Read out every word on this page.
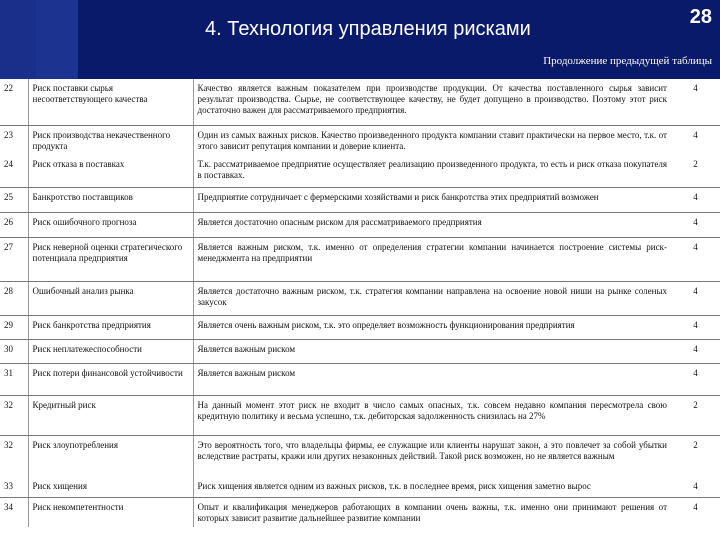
4. Технология управления рисками
28
Продолжение предыдущей таблицы
22	Риск поставки сырья несоответствующего качества	Качество является важным показателем при производстве продукции. От качества поставленного сырья зависит результат производства. Сырье, не соответствующее качеству, не будет допущено в производство. Поэтому этот риск достаточно важен для рассматриваемого предприятия.	4
23	Риск производства некачественного продукта	Один из самых важных рисков. Качество произведенного продукта компании ставит практически на первое место, т.к. от этого зависит репутация компании и доверие клиента.	4
24	Риск отказа в поставках	Т.к. рассматриваемое предприятие осуществляет реализацию произведенного продукта, то есть и риск отказа покупателя в поставках.	2
25	Банкротство поставщиков	Предприятие сотрудничает с фермерскими хозяйствами и риск банкротства этих предприятий возможен	4
26	Риск ошибочного прогноза	Является достаточно опасным риском для рассматриваемого предприятия	4
27	Риск неверной оценки стратегического потенциала предприятия	Является важным риском, т.к. именно от определения стратегии компании начинается построение системы риск-менеджмента на предприятии	4
28	Ошибочный анализ рынка	Является достаточно важным риском, т.к. стратегия компании направлена на освоение новой ниши на рынке соленых закусок	4
29	Риск банкротства предприятия	Является очень важным риском, т.к. это определяет возможность функционирования предприятия	4
30	Риск неплатежеспособности	Является важным риском	4
31	Риск потери финансовой устойчивости	Является важным риском	4
32	Кредитный риск	На данный момент этот риск не входит в число самых опасных, т.к. совсем недавно компания пересмотрела свою кредитную политику и весьма успешно, т.к. дебиторская задолженность снизилась на 27%	2
32	Риск злоупотребления	Это вероятность того, что владельцы фирмы, ее служащие или клиенты нарушат закон, а это повлечет за собой убытки вследствие растраты, кражи или других незаконных действий. Такой риск возможен, но не является важным	2
33	Риск хищения	Риск хищения является одним из важных рисков, т.к. в последнее время, риск хищения заметно вырос	4
34	Риск некомпетентности	Опыт и квалификация менеджеров работающих в компании очень важны, т.к. именно они принимают решения от которых зависит развитие дальнейшее развитие компании	4
